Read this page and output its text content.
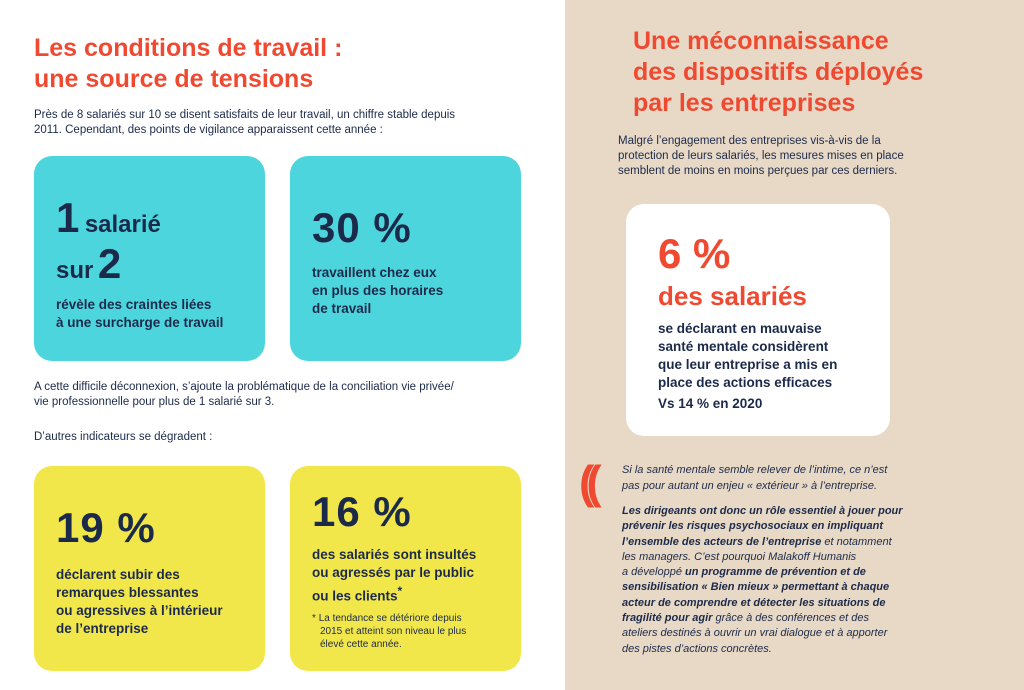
Les conditions de travail :
une source de tensions
Près de 8 salariés sur 10 se disent satisfaits de leur travail, un chiffre stable depuis
2011. Cependant, des points de vigilance apparaissent cette année :
1 salarié
sur 2
révèle des craintes liées
à une surcharge de travail
30 %
travaillent chez eux
en plus des horaires
de travail
A cette difficile déconnexion, s’ajoute la problématique de la conciliation vie privée/
vie professionnelle pour plus de 1 salarié sur 3.
D’autres indicateurs se dégradent :
19 %
déclarent subir des
remarques blessantes
ou agressives à l’intérieur
de l’entreprise
16 %
des salariés sont insultés
ou agressés par le public
ou les clients*
* La tendance se détériore depuis
2015 et atteint son niveau le plus
élevé cette année.
Une méconnaissance
des dispositifs déployés
par les entreprises
Malgré l’engagement des entreprises vis-à-vis de la
protection de leurs salariés, les mesures mises en place
semblent de moins en moins perçues par ces derniers.
6 %
des salariés
se déclarant en mauvaise
santé mentale considèrent
que leur entreprise a mis en
place des actions efficaces
Vs 14 % en 2020
((	Si la santé mentale semble relever de l’intime, ce n’est
pas pour autant un enjeu « extérieur » à l’entreprise.
Les dirigeants ont donc un rôle essentiel à jouer pour
prévenir les risques psychosociaux en impliquant
l’ensemble des acteurs de l’entreprise et notamment
les managers. C’est pourquoi Malakoff Humanis
a développé un programme de prévention et de
sensibilisation « Bien mieux » permettant à chaque
acteur de comprendre et détecter les situations de
fragilité pour agir grâce à des conférences et des
ateliers destinés à ouvrir un vrai dialogue et à apporter
des pistes d’actions concrètes.
